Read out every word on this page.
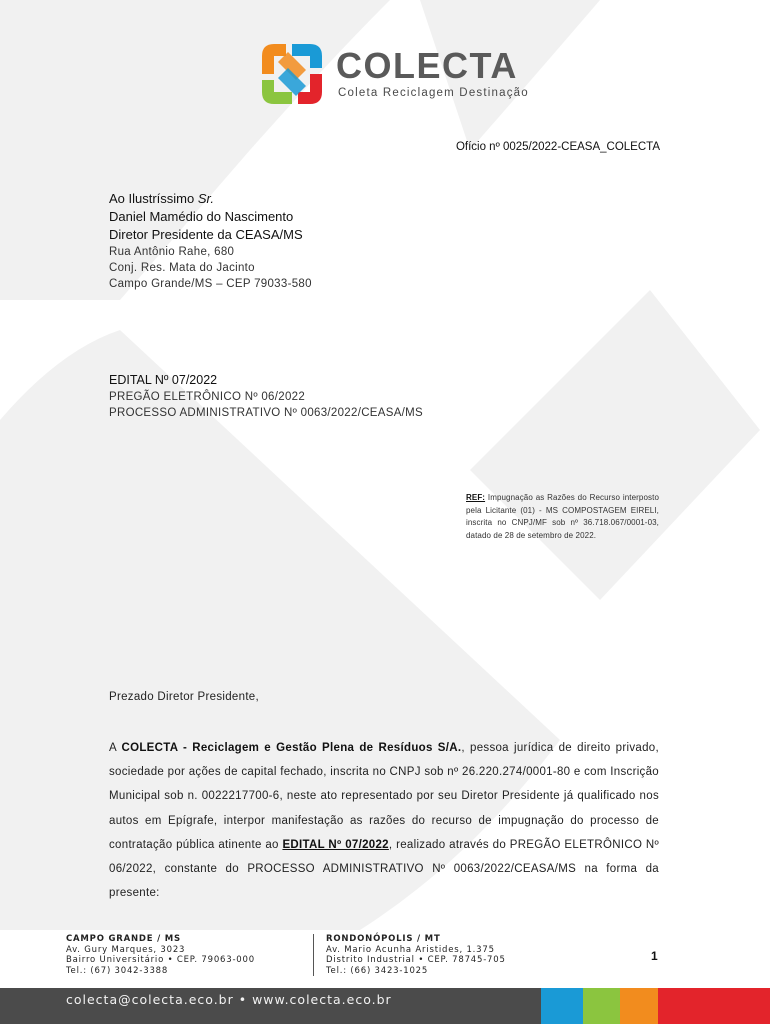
COLECTA
Coleta Reciclagem Destinação
Ofício nº 0025/2022-CEASA_COLECTA
Ao Ilustríssimo Sr.
Daniel Mamédio do Nascimento
Diretor Presidente da CEASA/MS
Rua Antônio Rahe, 680
Conj. Res. Mata do Jacinto
Campo Grande/MS – CEP 79033-580
EDITAL Nº 07/2022
PREGÃO ELETRÔNICO Nº 06/2022
PROCESSO ADMINISTRATIVO Nº 0063/2022/CEASA/MS
REF: Impugnação as Razões do Recurso interposto pela Licitante (01) - MS COMPOSTAGEM EIRELI, inscrita no CNPJ/MF sob nº 36.718.067/0001-03, datado de 28 de setembro de 2022.
Prezado Diretor Presidente,
A COLECTA - Reciclagem e Gestão Plena de Resíduos S/A., pessoa jurídica de direito privado, sociedade por ações de capital fechado, inscrita no CNPJ sob nº 26.220.274/0001-80 e com Inscrição Municipal sob n. 0022217700-6, neste ato representado por seu Diretor Presidente já qualificado nos autos em Epígrafe, interpor manifestação as razões do recurso de impugnação do processo de contratação pública atinente ao EDITAL Nº 07/2022, realizado através do PREGÃO ELETRÔNICO Nº 06/2022, constante do PROCESSO ADMINISTRATIVO Nº 0063/2022/CEASA/MS na forma da presente:
CAMPO GRANDE / MS
Av. Gury Marques, 3023
Bairro Universitário • CEP. 79063-000
Tel.: (67) 3042-3388
RONDONÓPOLIS / MT
Av. Mario Acunha Aristides, 1.375
Distrito Industrial • CEP. 78745-705
Tel.: (66) 3423-1025
1
colecta@colecta.eco.br • www.colecta.eco.br
